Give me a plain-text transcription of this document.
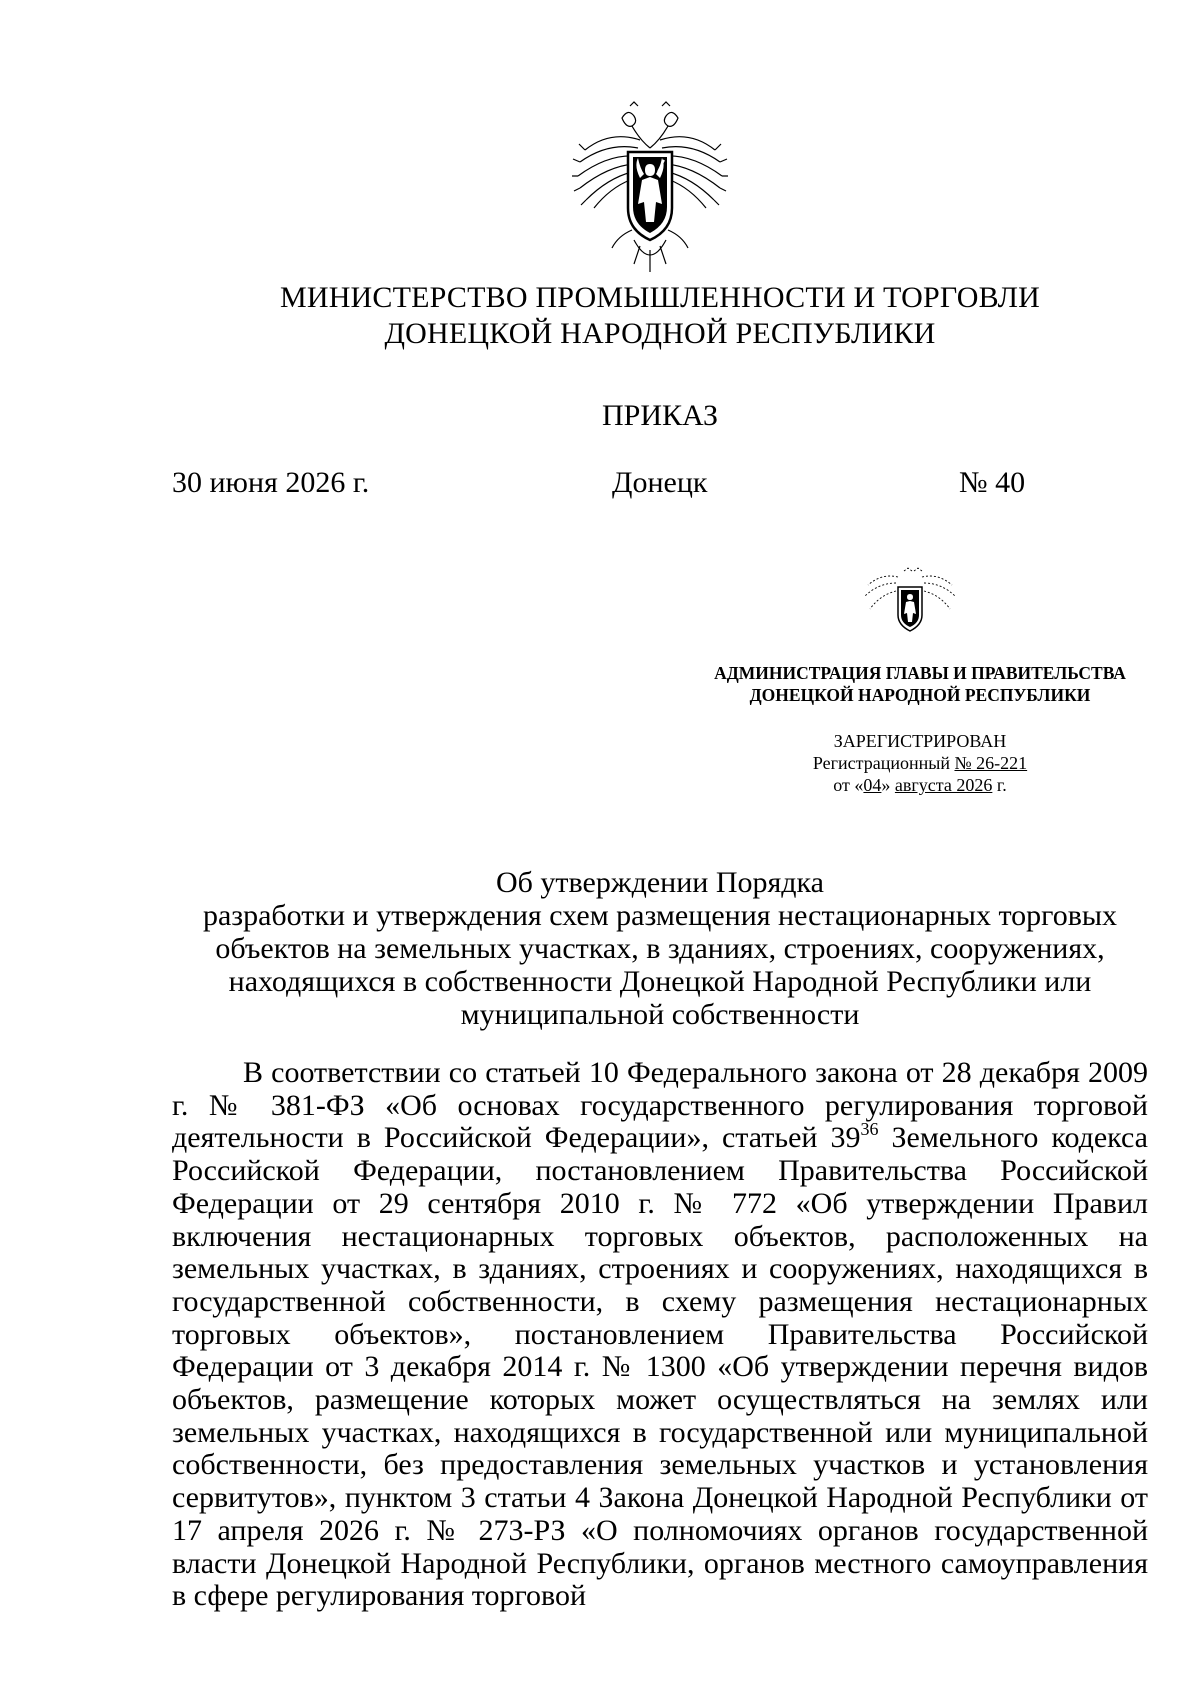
МИНИСТЕРСТВО ПРОМЫШЛЕННОСТИ И ТОРГОВЛИ
ДОНЕЦКОЙ НАРОДНОЙ РЕСПУБЛИКИ
ПРИКАЗ
30 июня 2026 г.	Донецк	№ 40
АДМИНИСТРАЦИЯ ГЛАВЫ И ПРАВИТЕЛЬСТВА
ДОНЕЦКОЙ НАРОДНОЙ РЕСПУБЛИКИ
ЗАРЕГИСТРИРОВАН
Регистрационный № 26-221
от «04» августа 2026 г.
Об утверждении Порядка
разработки и утверждения схем размещения нестационарных торговых
объектов на земельных участках, в зданиях, строениях, сооружениях,
находящихся в собственности Донецкой Народной Республики или
муниципальной собственности
В соответствии со статьей 10 Федерального закона от 28 декабря 2009 г. № 381-ФЗ «Об основах государственного регулирования торговой деятельности в Российской Федерации», статьей $39^{36}$ Земельного кодекса Российской Федерации, постановлением Правительства Российской Федерации от 29 сентября 2010 г. № 772 «Об утверждении Правил включения нестационарных торговых объектов, расположенных на земельных участках, в зданиях, строениях и сооружениях, находящихся в государственной собственности, в схему размещения нестационарных торговых объектов», постановлением Правительства Российской Федерации от 3 декабря 2014 г. № 1300 «Об утверждении перечня видов объектов, размещение которых может осуществляться на землях или земельных участках, находящихся в государственной или муниципальной собственности, без предоставления земельных участков и установления сервитутов», пунктом 3 статьи 4 Закона Донецкой Народной Республики от 17 апреля 2026 г. № 273-РЗ «О полномочиях органов государственной власти Донецкой Народной Республики, органов местного самоуправления в сфере регулирования торговой
